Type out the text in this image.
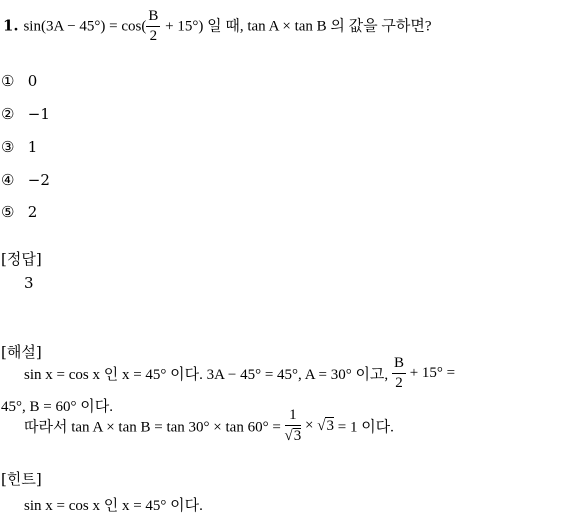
1. $\sin(3A - 45^\circ) = \cos( \frac{B}{2} + 15^\circ)$ 일 때, tan A × tan B 의 값을 구하면?
① 0
② −1
③ 1
④ −2
⑤ 2
[정답]
3
[해설]
sin x = cos x 인 x = 45° 이다. 3A − 45° = 45°, A = 30° 이고, $\frac{B}{2} + 15^\circ$ =
45°, B = 60° 이다.
따라서 $\tan A \times \tan B = \tan 30^\circ \times \tan 60^\circ = \frac{1}{√3} \times √3 = 1$ 이다.
[힌트]
sin x = cos x 인 x = 45° 이다.
